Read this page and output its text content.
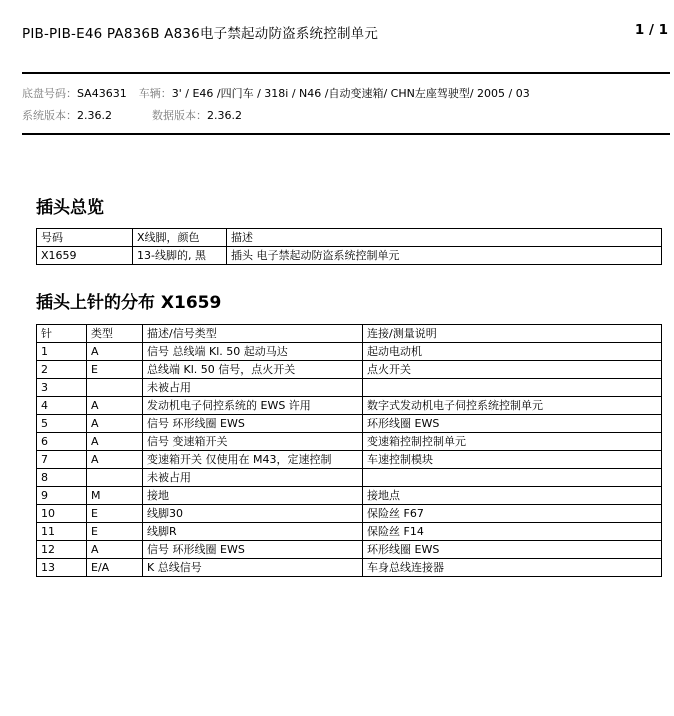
PIB-PIB-E46 PA836B A836电子禁起动防盗系统控制单元	1 / 1
底盘号码：SA43631 车辆：3' / E46 /四门车 / 318i / N46 /自动变速箱/ CHN左座驾驶型/ 2005 / 03
系统版本：2.36.2	数据版本：2.36.2
插头总览
号码	X线脚，颜色	描述
X1659	13-线脚的, 黑	插头 电子禁起动防盗系统控制单元
插头上针的分布 X1659
针	类型	描述/信号类型	连接/测量说明
1	A	信号 总线端 Kl. 50 起动马达	起动电动机
2	E	总线端 Kl. 50 信号，点火开关	点火开关
3		未被占用	
4	A	发动机电子伺控系统的 EWS 许用	数字式发动机电子伺控系统控制单元
5	A	信号 环形线圈 EWS	环形线圈 EWS
6	A	信号 变速箱开关	变速箱控制控制单元
7	A	变速箱开关 仅使用在 M43，定速控制	车速控制模块
8		未被占用	
9	M	接地	接地点
10	E	线脚30	保险丝 F67
11	E	线脚R	保险丝 F14
12	A	信号 环形线圈 EWS	环形线圈 EWS
13	E/A	K 总线信号	车身总线连接器
